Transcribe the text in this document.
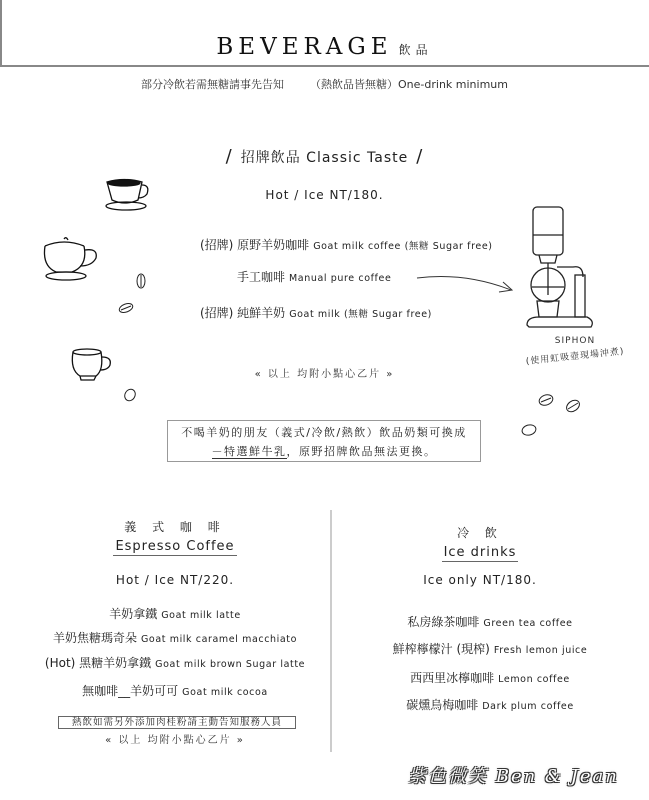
BEVERAGE 飲品
部分冷飲若需無糖請事先告知 （熱飲品皆無糖）One-drink minimum
/ 招牌飲品 Classic Taste /
Hot / Ice NT/180.
(招牌) 原野羊奶咖啡 Goat milk coffee (無糖 Sugar free)
手工咖啡 Manual pure coffee
(招牌) 純鮮羊奶 Goat milk (無糖 Sugar free)
« 以上 均附小點心乙片 »
SIPHON
(使用虹吸壺現場沖煮)
不喝羊奶的朋友（義式/冷飲/熱飲）飲品奶類可換成
－特選鮮牛乳，原野招牌飲品無法更換。
義 式 咖 啡
Espresso Coffee
Hot / Ice NT/220.
羊奶拿鐵 Goat milk latte
羊奶焦糖瑪奇朵 Goat milk caramel macchiato
(Hot) 黑糖羊奶拿鐵 Goat milk brown Sugar latte
無咖啡__羊奶可可 Goat milk cocoa
熱飲如需另外添加肉桂粉請主動告知服務人員
« 以上 均附小點心乙片 »
冷 飲
Ice drinks
Ice only NT/180.
私房綠茶咖啡 Green tea coffee
鮮榨檸檬汁 (現榨) Fresh lemon juice
西西里冰檸咖啡 Lemon coffee
碳燻烏梅咖啡 Dark plum coffee
紫色微笑 Ben & Jean
